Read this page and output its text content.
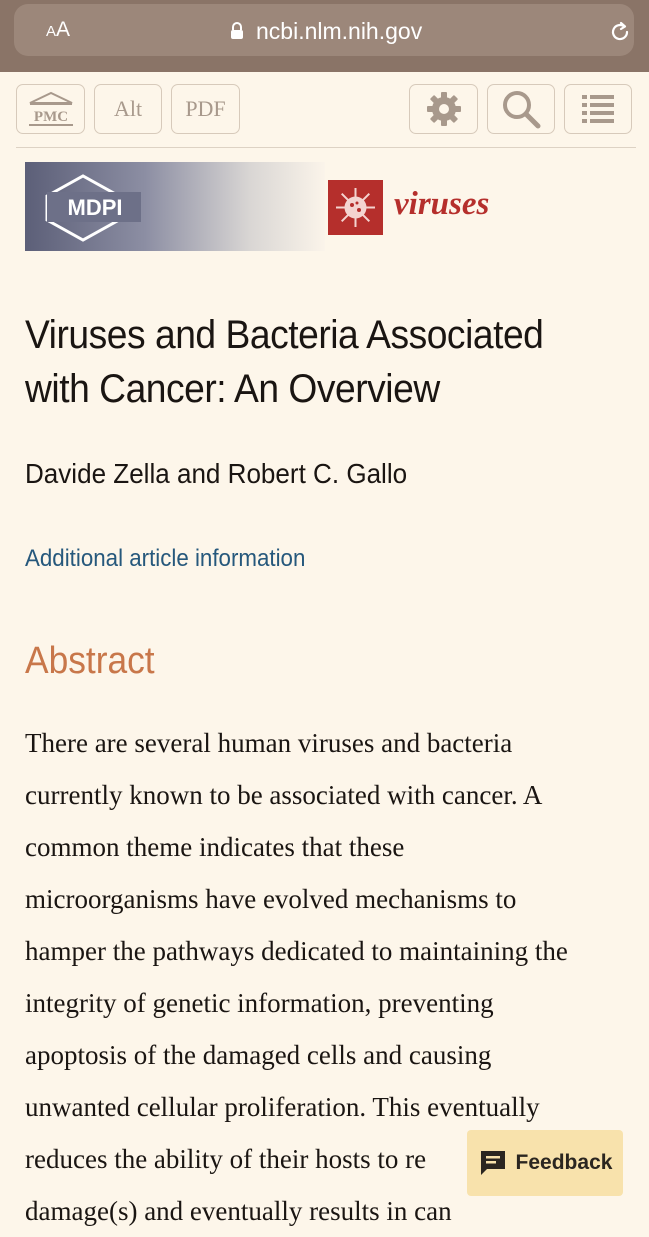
AA	ncbi.nlm.nih.gov
PMC	Alt	PDF
MDPI	viruses
Viruses and Bacteria Associated with Cancer: An Overview
Davide Zella and Robert C. Gallo
Additional article information
Abstract

There are several human viruses and bacteria
currently known to be associated with cancer. A
common theme indicates that these
microorganisms have evolved mechanisms to
hamper the pathways dedicated to maintaining the
integrity of genetic information, preventing
apoptosis of the damaged cells and causing
unwanted cellular proliferation. This eventually
reduces the ability of their hosts to re
damage(s) and eventually results in can

Feedback
